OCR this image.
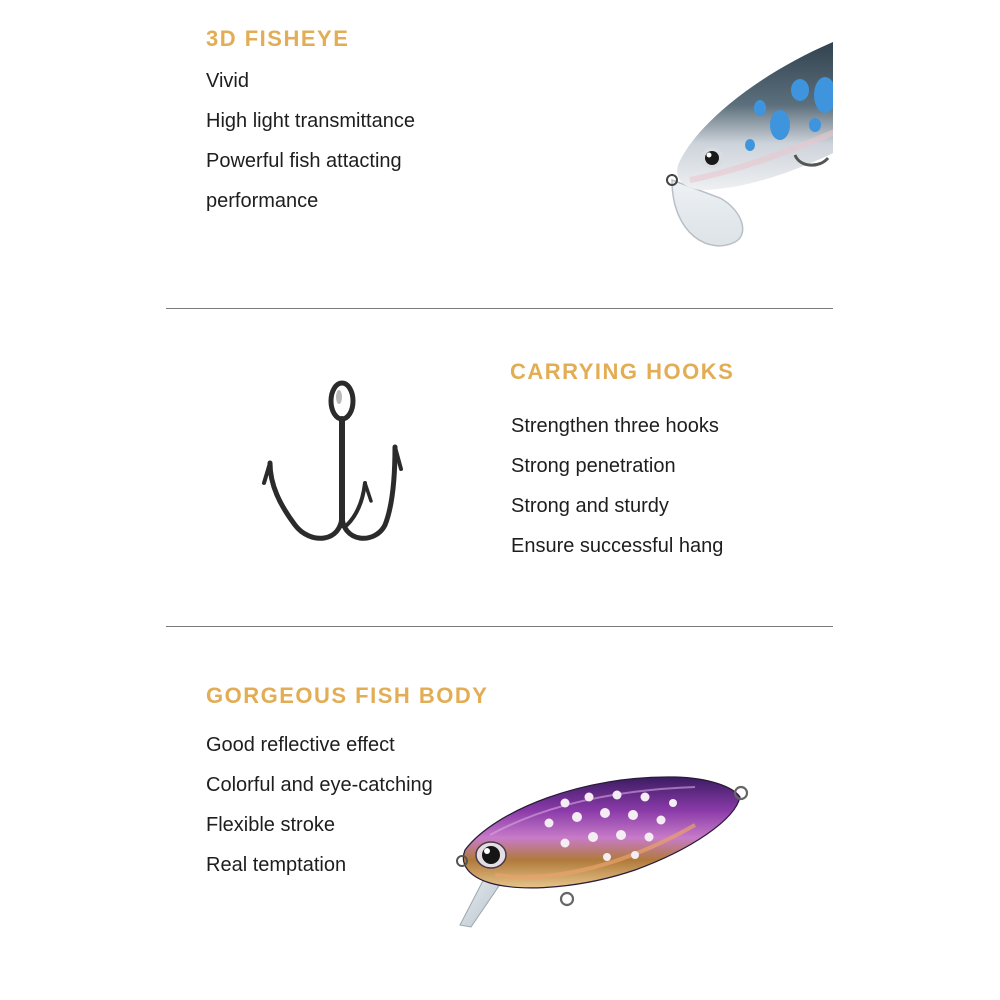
3D FISHEYE
Vivid
High light transmittance
Powerful fish attacting
performance
CARRYING HOOKS
Strengthen three hooks
Strong penetration
Strong and sturdy
Ensure successful hang
GORGEOUS FISH BODY
Good reflective effect
Colorful and eye-catching
Flexible stroke
Real temptation
